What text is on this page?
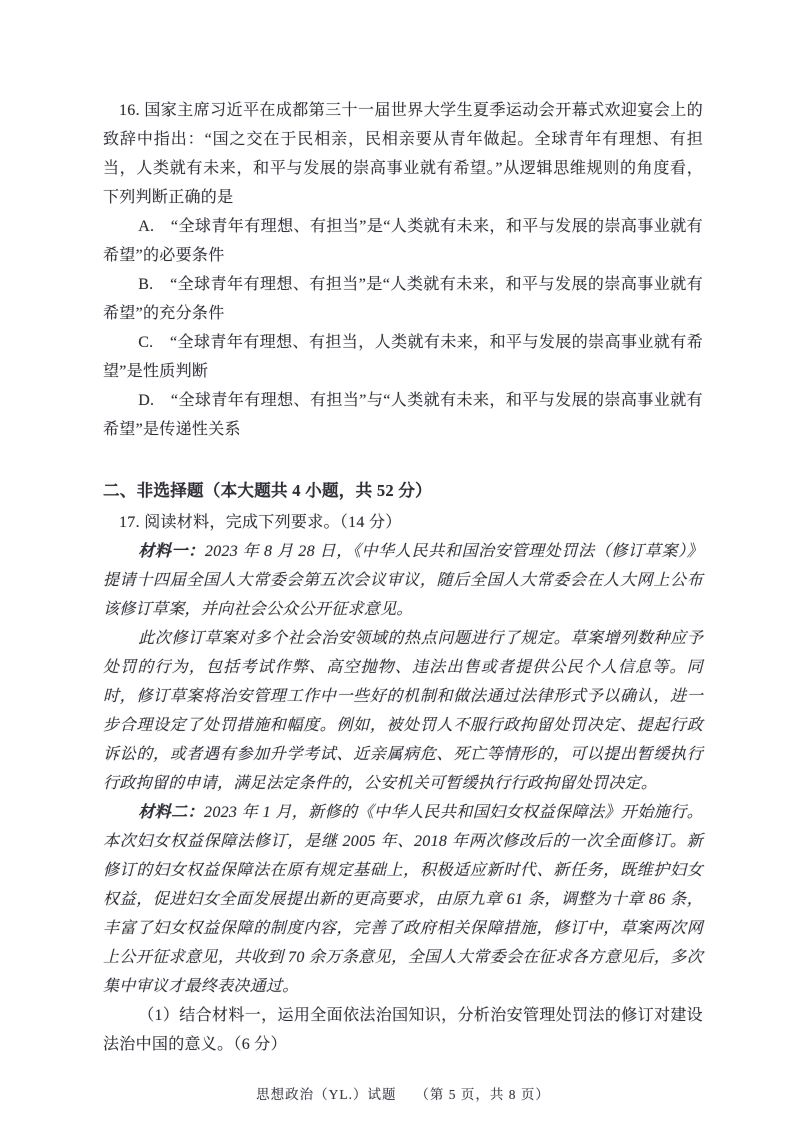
16. 国家主席习近平在成都第三十一届世界大学生夏季运动会开幕式欢迎宴会上的致辞中指出：“国之交在于民相亲，民相亲要从青年做起。全球青年有理想、有担当，人类就有未来，和平与发展的崇高事业就有希望。”从逻辑思维规则的角度看，下列判断正确的是

A.　 “全球青年有理想、有担当”是“人类就有未来，和平与发展的崇高事业就有希望”的必要条件

B.　 “全球青年有理想、有担当”是“人类就有未来，和平与发展的崇高事业就有希望”的充分条件

C.　 “全球青年有理想、有担当，人类就有未来，和平与发展的崇高事业就有希望”是性质判断

D.　 “全球青年有理想、有担当”与“人类就有未来，和平与发展的崇高事业就有希望”是传递性关系

二、非选择题（本大题共 4 小题，共 52 分）

17. 阅读材料，完成下列要求。（14 分）

材料一：2023 年 8 月 28 日，《中华人民共和国治安管理处罚法（修订草案）》提请十四届全国人大常委会第五次会议审议，随后全国人大常委会在人大网上公布该修订草案，并向社会公众公开征求意见。

此次修订草案对多个社会治安领域的热点问题进行了规定。草案增列数种应予处罚的行为，包括考试作弊、高空抛物、违法出售或者提供公民个人信息等。同时，修订草案将治安管理工作中一些好的机制和做法通过法律形式予以确认，进一步合理设定了处罚措施和幅度。例如，被处罚人不服行政拘留处罚决定、提起行政诉讼的，或者遇有参加升学考试、近亲属病危、死亡等情形的，可以提出暂缓执行行政拘留的申请，满足法定条件的，公安机关可暂缓执行行政拘留处罚决定。

材料二：2023 年 1 月，新修的《中华人民共和国妇女权益保障法》开始施行。本次妇女权益保障法修订，是继 2005 年、2018 年两次修改后的一次全面修订。新修订的妇女权益保障法在原有规定基础上，积极适应新时代、新任务，既维护妇女权益，促进妇女全面发展提出新的更高要求，由原九章 61 条，调整为十章 86 条，丰富了妇女权益保障的制度内容，完善了政府相关保障措施，修订中，草案两次网上公开征求意见，共收到 70 余万条意见，全国人大常委会在征求各方意见后，多次集中审议才最终表决通过。

（1）结合材料一，运用全面依法治国知识，分析治安管理处罚法的修订对建设法治中国的意义。（6 分）

思想政治（YL.）试题 （第 5 页，共 8 页）
